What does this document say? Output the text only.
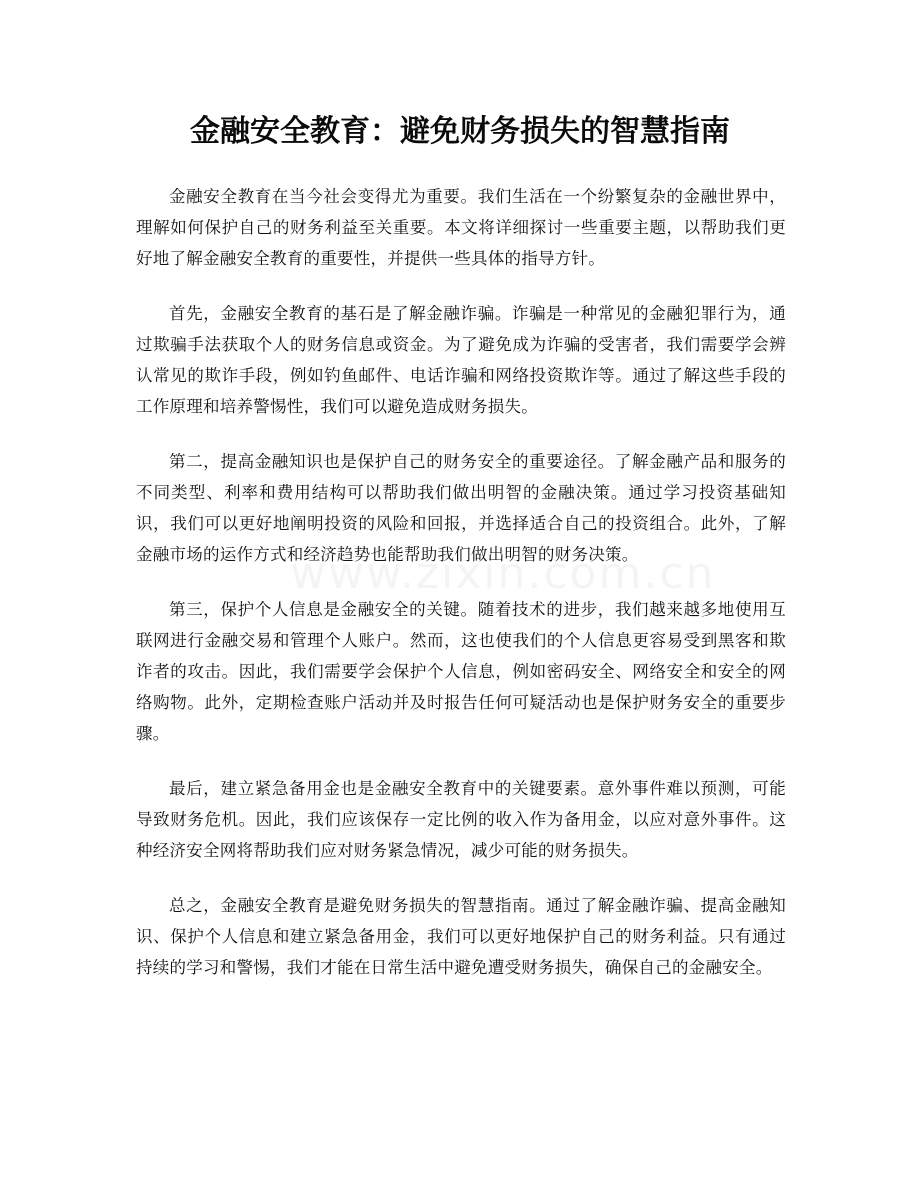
金融安全教育：避免财务损失的智慧指南

金融安全教育在当今社会变得尤为重要。我们生活在一个纷繁复杂的金融世界中，理解如何保护自己的财务利益至关重要。本文将详细探讨一些重要主题，以帮助我们更好地了解金融安全教育的重要性，并提供一些具体的指导方针。

首先，金融安全教育的基石是了解金融诈骗。诈骗是一种常见的金融犯罪行为，通过欺骗手法获取个人的财务信息或资金。为了避免成为诈骗的受害者，我们需要学会辨认常见的欺诈手段，例如钓鱼邮件、电话诈骗和网络投资欺诈等。通过了解这些手段的工作原理和培养警惕性，我们可以避免造成财务损失。

第二，提高金融知识也是保护自己的财务安全的重要途径。了解金融产品和服务的不同类型、利率和费用结构可以帮助我们做出明智的金融决策。通过学习投资基础知识，我们可以更好地阐明投资的风险和回报，并选择适合自己的投资组合。此外，了解金融市场的运作方式和经济趋势也能帮助我们做出明智的财务决策。

第三，保护个人信息是金融安全的关键。随着技术的进步，我们越来越多地使用互联网进行金融交易和管理个人账户。然而，这也使我们的个人信息更容易受到黑客和欺诈者的攻击。因此，我们需要学会保护个人信息，例如密码安全、网络安全和安全的网络购物。此外，定期检查账户活动并及时报告任何可疑活动也是保护财务安全的重要步骤。

最后，建立紧急备用金也是金融安全教育中的关键要素。意外事件难以预测，可能导致财务危机。因此，我们应该保存一定比例的收入作为备用金，以应对意外事件。这种经济安全网将帮助我们应对财务紧急情况，减少可能的财务损失。

总之，金融安全教育是避免财务损失的智慧指南。通过了解金融诈骗、提高金融知识、保护个人信息和建立紧急备用金，我们可以更好地保护自己的财务利益。只有通过持续的学习和警惕，我们才能在日常生活中避免遭受财务损失，确保自己的金融安全。
